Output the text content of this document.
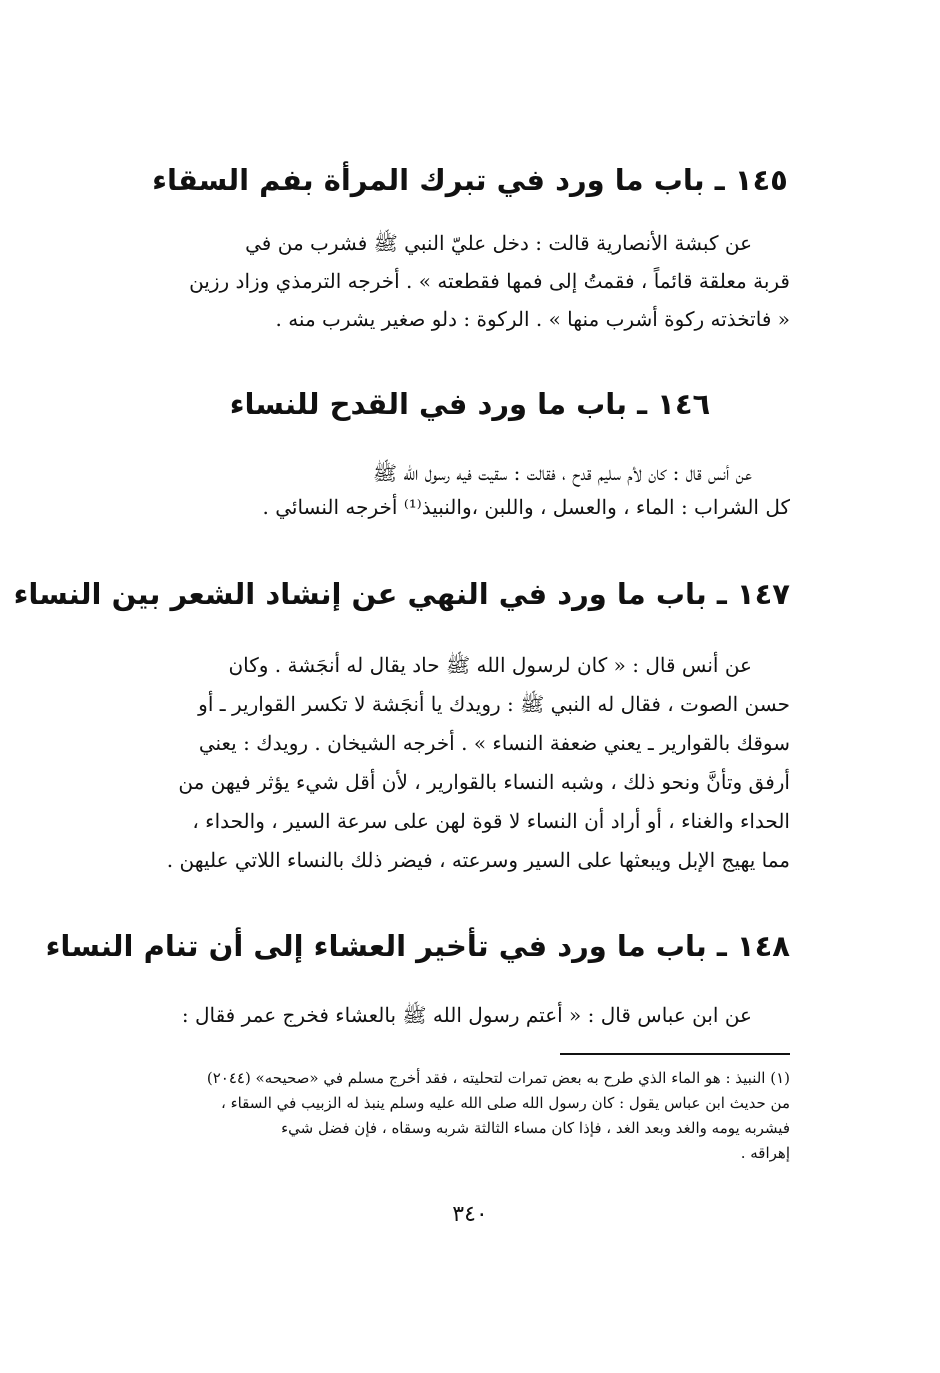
١٤٥ ـ باب ما ورد في تبرك المرأة بفم السقاء
عن كبشة الأنصارية قالت : دخل عليّ النبي ﷺ فشرب من في
قربة معلقة قائماً ، فقمتُ إلى فمها فقطعته » . أخرجه الترمذي وزاد رزين
« فاتخذته ركوة أشرب منها » . الركوة : دلو صغير يشرب منه .
١٤٦ ـ باب ما ورد في القدح للنساء
عن أنس قال : كان لأم سليم قدح ، فقالت : سقيت فيه رسول الله ﷺ
كل الشراب : الماء ، والعسل ، واللبن ،والنبيذ⁽¹⁾ أخرجه النسائي .
١٤٧ ـ باب ما ورد في النهي عن إنشاد الشعر بين النساء
عن أنس قال : « كان لرسول الله ﷺ حاد يقال له أنجَشة . وكان
حسن الصوت ، فقال له النبي ﷺ : رويدك يا أنجَشة لا تكسر القوارير ـ أو
سوقك بالقوارير ـ يعني ضعفة النساء » . أخرجه الشيخان . رويدك : يعني
أرفق وتأنَّ ونحو ذلك ، وشبه النساء بالقوارير ، لأن أقل شيء يؤثر فيهن من
الحداء والغناء ، أو أراد أن النساء لا قوة لهن على سرعة السير ، والحداء ،
مما يهيج الإبل ويبعثها على السير وسرعته ، فيضر ذلك بالنساء اللاتي عليهن .
١٤٨ ـ باب ما ورد في تأخير العشاء إلى أن تنام النساء
عن ابن عباس قال : « أعتم رسول الله ﷺ بالعشاء فخرج عمر فقال :
(١) النبيذ : هو الماء الذي طرح به بعض تمرات لتحليته ، فقد أخرج مسلم في «صحيحه» (٢٠٤٤)
من حديث ابن عباس يقول : كان رسول الله صلى الله عليه وسلم ينبذ له الزبيب في السقاء ،
فيشربه يومه والغد وبعد الغد ، فإذا كان مساء الثالثة شربه وسقاه ، فإن فضل شيء
إهراقه .
٣٤٠
